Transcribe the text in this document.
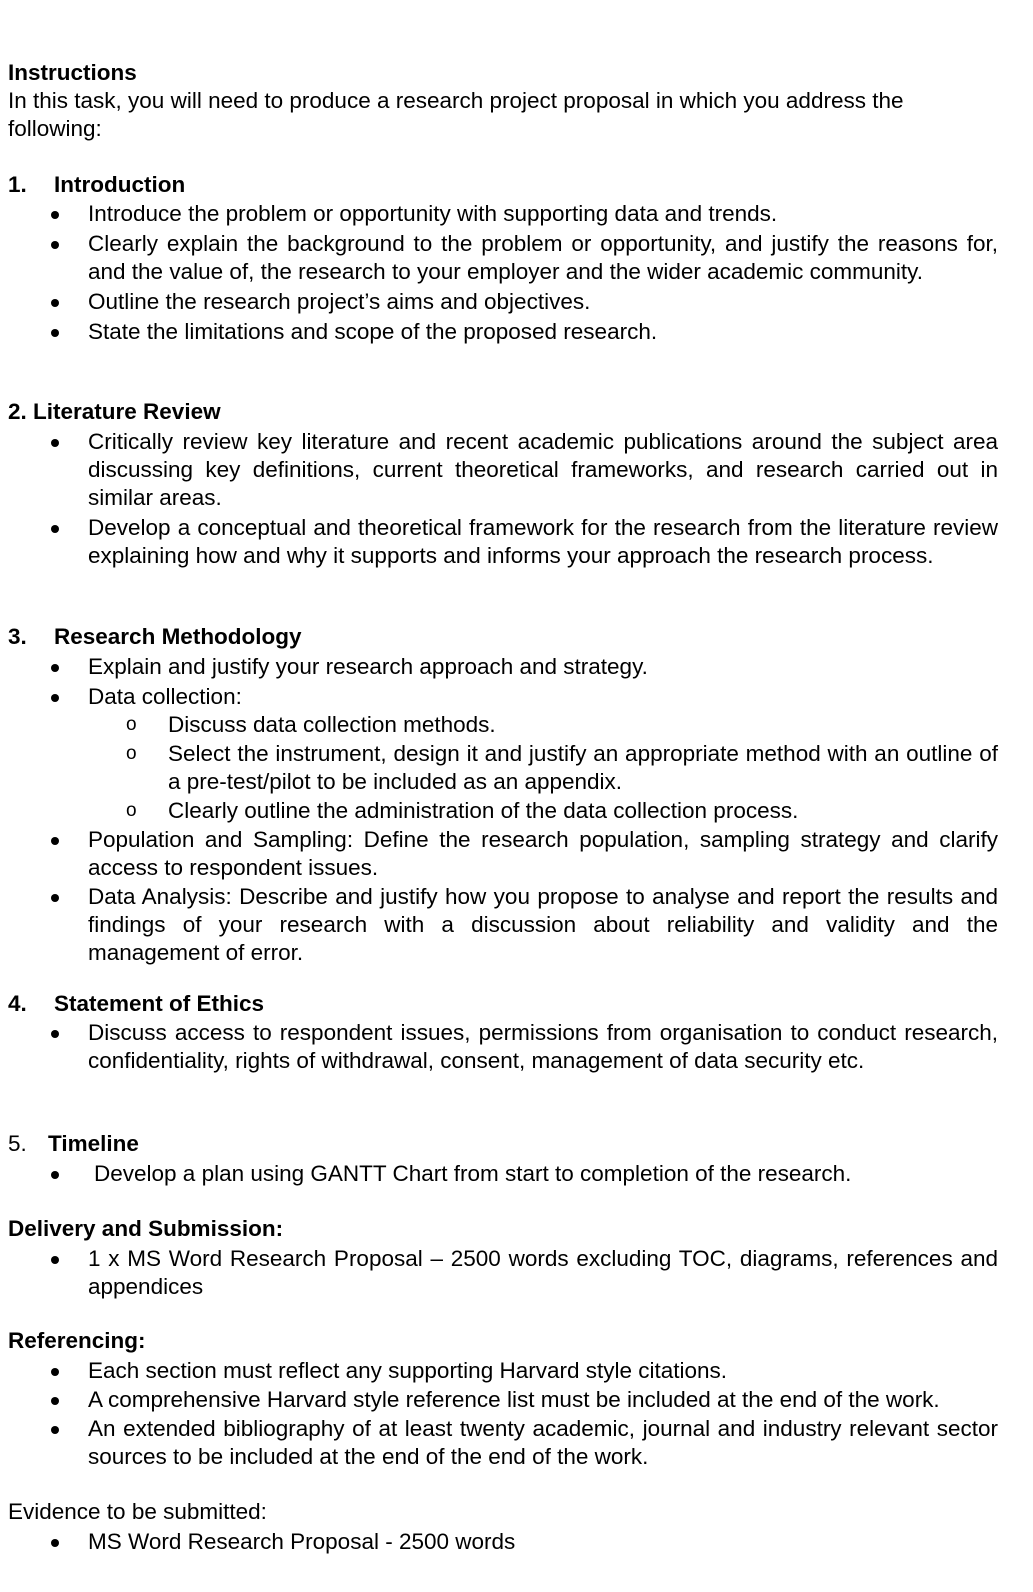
Instructions

In this task, you will need to produce a research project proposal in which you address the following:

1. Introduction

Introduce the problem or opportunity with supporting data and trends.
Clearly explain the background to the problem or opportunity, and justify the reasons for, and the value of, the research to your employer and the wider academic community.
Outline the research project’s aims and objectives.
State the limitations and scope of the proposed research.

2. Literature Review

Critically review key literature and recent academic publications around the subject area discussing key definitions, current theoretical frameworks, and research carried out in similar areas.
Develop a conceptual and theoretical framework for the research from the literature review explaining how and why it supports and informs your approach the research process.

3. Research Methodology

Explain and justify your research approach and strategy.
Data collection:
o Discuss data collection methods.
o Select the instrument, design it and justify an appropriate method with an outline of a pre-test/pilot to be included as an appendix.
o Clearly outline the administration of the data collection process.
Population and Sampling: Define the research population, sampling strategy and clarify access to respondent issues.
Data Analysis: Describe and justify how you propose to analyse and report the results and findings of your research with a discussion about reliability and validity and the management of error.

4. Statement of Ethics

Discuss access to respondent issues, permissions from organisation to conduct research, confidentiality, rights of withdrawal, consent, management of data security etc.

5. Timeline

Develop a plan using GANTT Chart from start to completion of the research.

Delivery and Submission:

1 x MS Word Research Proposal – 2500 words excluding TOC, diagrams, references and appendices

Referencing:

Each section must reflect any supporting Harvard style citations.
A comprehensive Harvard style reference list must be included at the end of the work.
An extended bibliography of at least twenty academic, journal and industry relevant sector sources to be included at the end of the end of the work.

Evidence to be submitted:

MS Word Research Proposal - 2500 words
